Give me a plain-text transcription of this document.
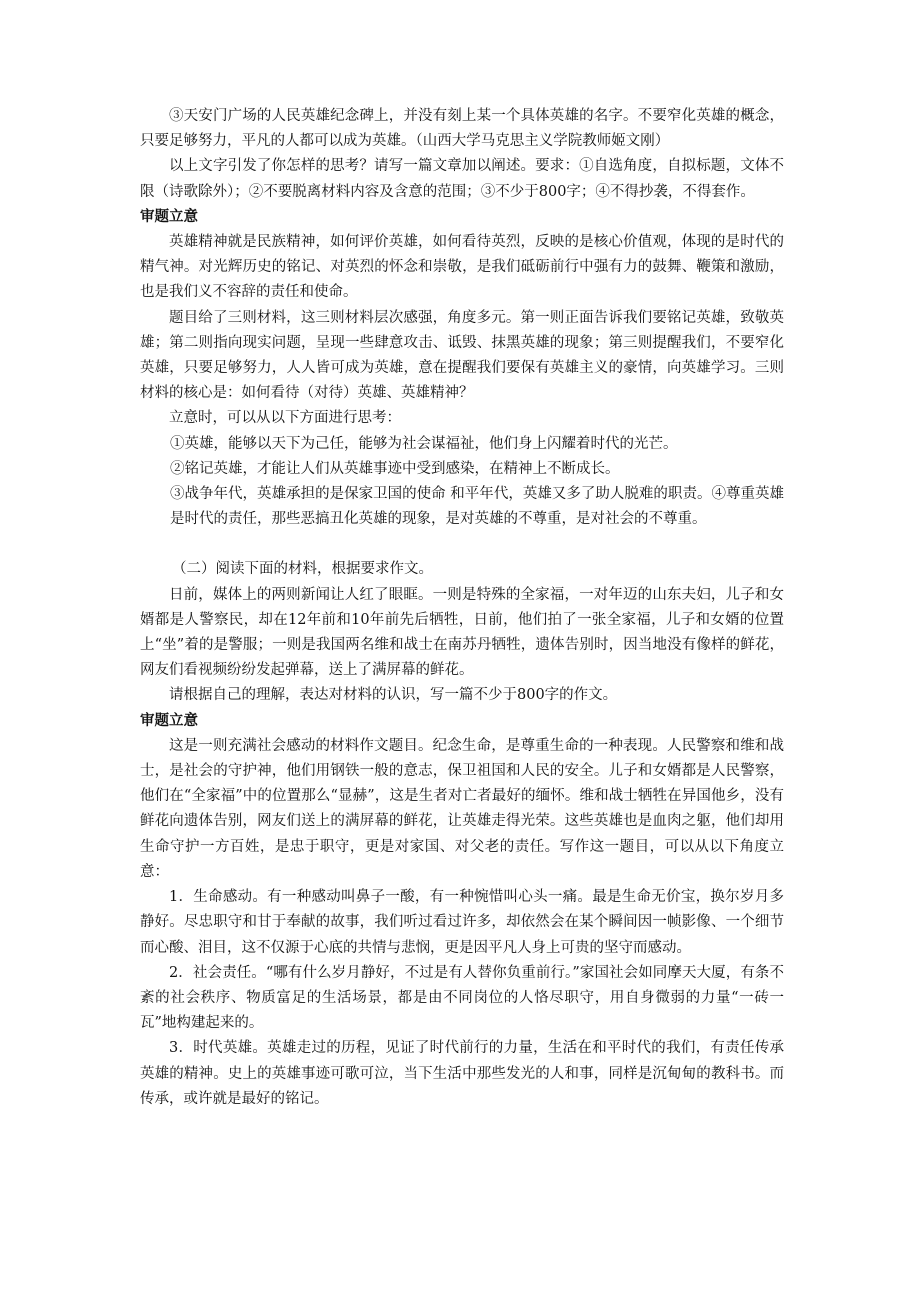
③天安门广场的人民英雄纪念碑上，并没有刻上某一个具体英雄的名字。不要窄化英雄的概念，只要足够努力，平凡的人都可以成为英雄。（山西大学马克思主义学院教师姬文刚）

以上文字引发了你怎样的思考？请写一篇文章加以阐述。要求：①自选角度，自拟标题，文体不限（诗歌除外）；②不要脱离材料内容及含意的范围；③不少于800字；④不得抄袭，不得套作。

审题立意

英雄精神就是民族精神，如何评价英雄，如何看待英烈，反映的是核心价值观，体现的是时代的精气神。对光辉历史的铭记、对英烈的怀念和崇敬，是我们砥砺前行中强有力的鼓舞、鞭策和激励，也是我们义不容辞的责任和使命。

题目给了三则材料，这三则材料层次感强，角度多元。第一则正面告诉我们要铭记英雄，致敬英雄；第二则指向现实问题，呈现一些肆意攻击、诋毁、抹黑英雄的现象；第三则提醒我们，不要窄化英雄，只要足够努力，人人皆可成为英雄，意在提醒我们要保有英雄主义的豪情，向英雄学习。三则材料的核心是：如何看待（对待）英雄、英雄精神？

立意时，可以从以下方面进行思考：

①英雄，能够以天下为己任，能够为社会谋福祉，他们身上闪耀着时代的光芒。

②铭记英雄，才能让人们从英雄事迹中受到感染，在精神上不断成长。

③战争年代，英雄承担的是保家卫国的使命 和平年代，英雄又多了助人脱难的职责。④尊重英雄是时代的责任，那些恶搞丑化英雄的现象，是对英雄的不尊重，是对社会的不尊重。

（二）阅读下面的材料，根据要求作文。

日前，媒体上的两则新闻让人红了眼眶。一则是特殊的全家福，一对年迈的山东夫妇，儿子和女婿都是人警察民，却在12年前和10年前先后牺牲，日前，他们拍了一张全家福，儿子和女婿的位置上“坐”着的是警服；一则是我国两名维和战士在南苏丹牺牲，遗体告别时，因当地没有像样的鲜花，网友们看视频纷纷发起弹幕，送上了满屏幕的鲜花。

请根据自己的理解，表达对材料的认识，写一篇不少于800字的作文。

审题立意

这是一则充满社会感动的材料作文题目。纪念生命，是尊重生命的一种表现。人民警察和维和战士，是社会的守护神，他们用钢铁一般的意志，保卫祖国和人民的安全。儿子和女婿都是人民警察，他们在“全家福”中的位置那么“显赫”，这是生者对亡者最好的缅怀。维和战士牺牲在异国他乡，没有鲜花向遗体告别，网友们送上的满屏幕的鲜花，让英雄走得光荣。这些英雄也是血肉之躯，他们却用生命守护一方百姓，是忠于职守，更是对家国、对父老的责任。写作这一题目，可以从以下角度立意：

1．生命感动。有一种感动叫鼻子一酸，有一种惋惜叫心头一痛。最是生命无价宝，换尔岁月多静好。尽忠职守和甘于奉献的故事，我们听过看过许多，却依然会在某个瞬间因一帧影像、一个细节而心酸、泪目，这不仅源于心底的共情与悲悯，更是因平凡人身上可贵的坚守而感动。

2．社会责任。“哪有什么岁月静好，不过是有人替你负重前行。”家国社会如同摩天大厦，有条不紊的社会秩序、物质富足的生活场景，都是由不同岗位的人恪尽职守，用自身微弱的力量“一砖一瓦”地构建起来的。

3．时代英雄。英雄走过的历程，见证了时代前行的力量，生活在和平时代的我们，有责任传承英雄的精神。史上的英雄事迹可歌可泣，当下生活中那些发光的人和事，同样是沉甸甸的教科书。而传承，或许就是最好的铭记。
